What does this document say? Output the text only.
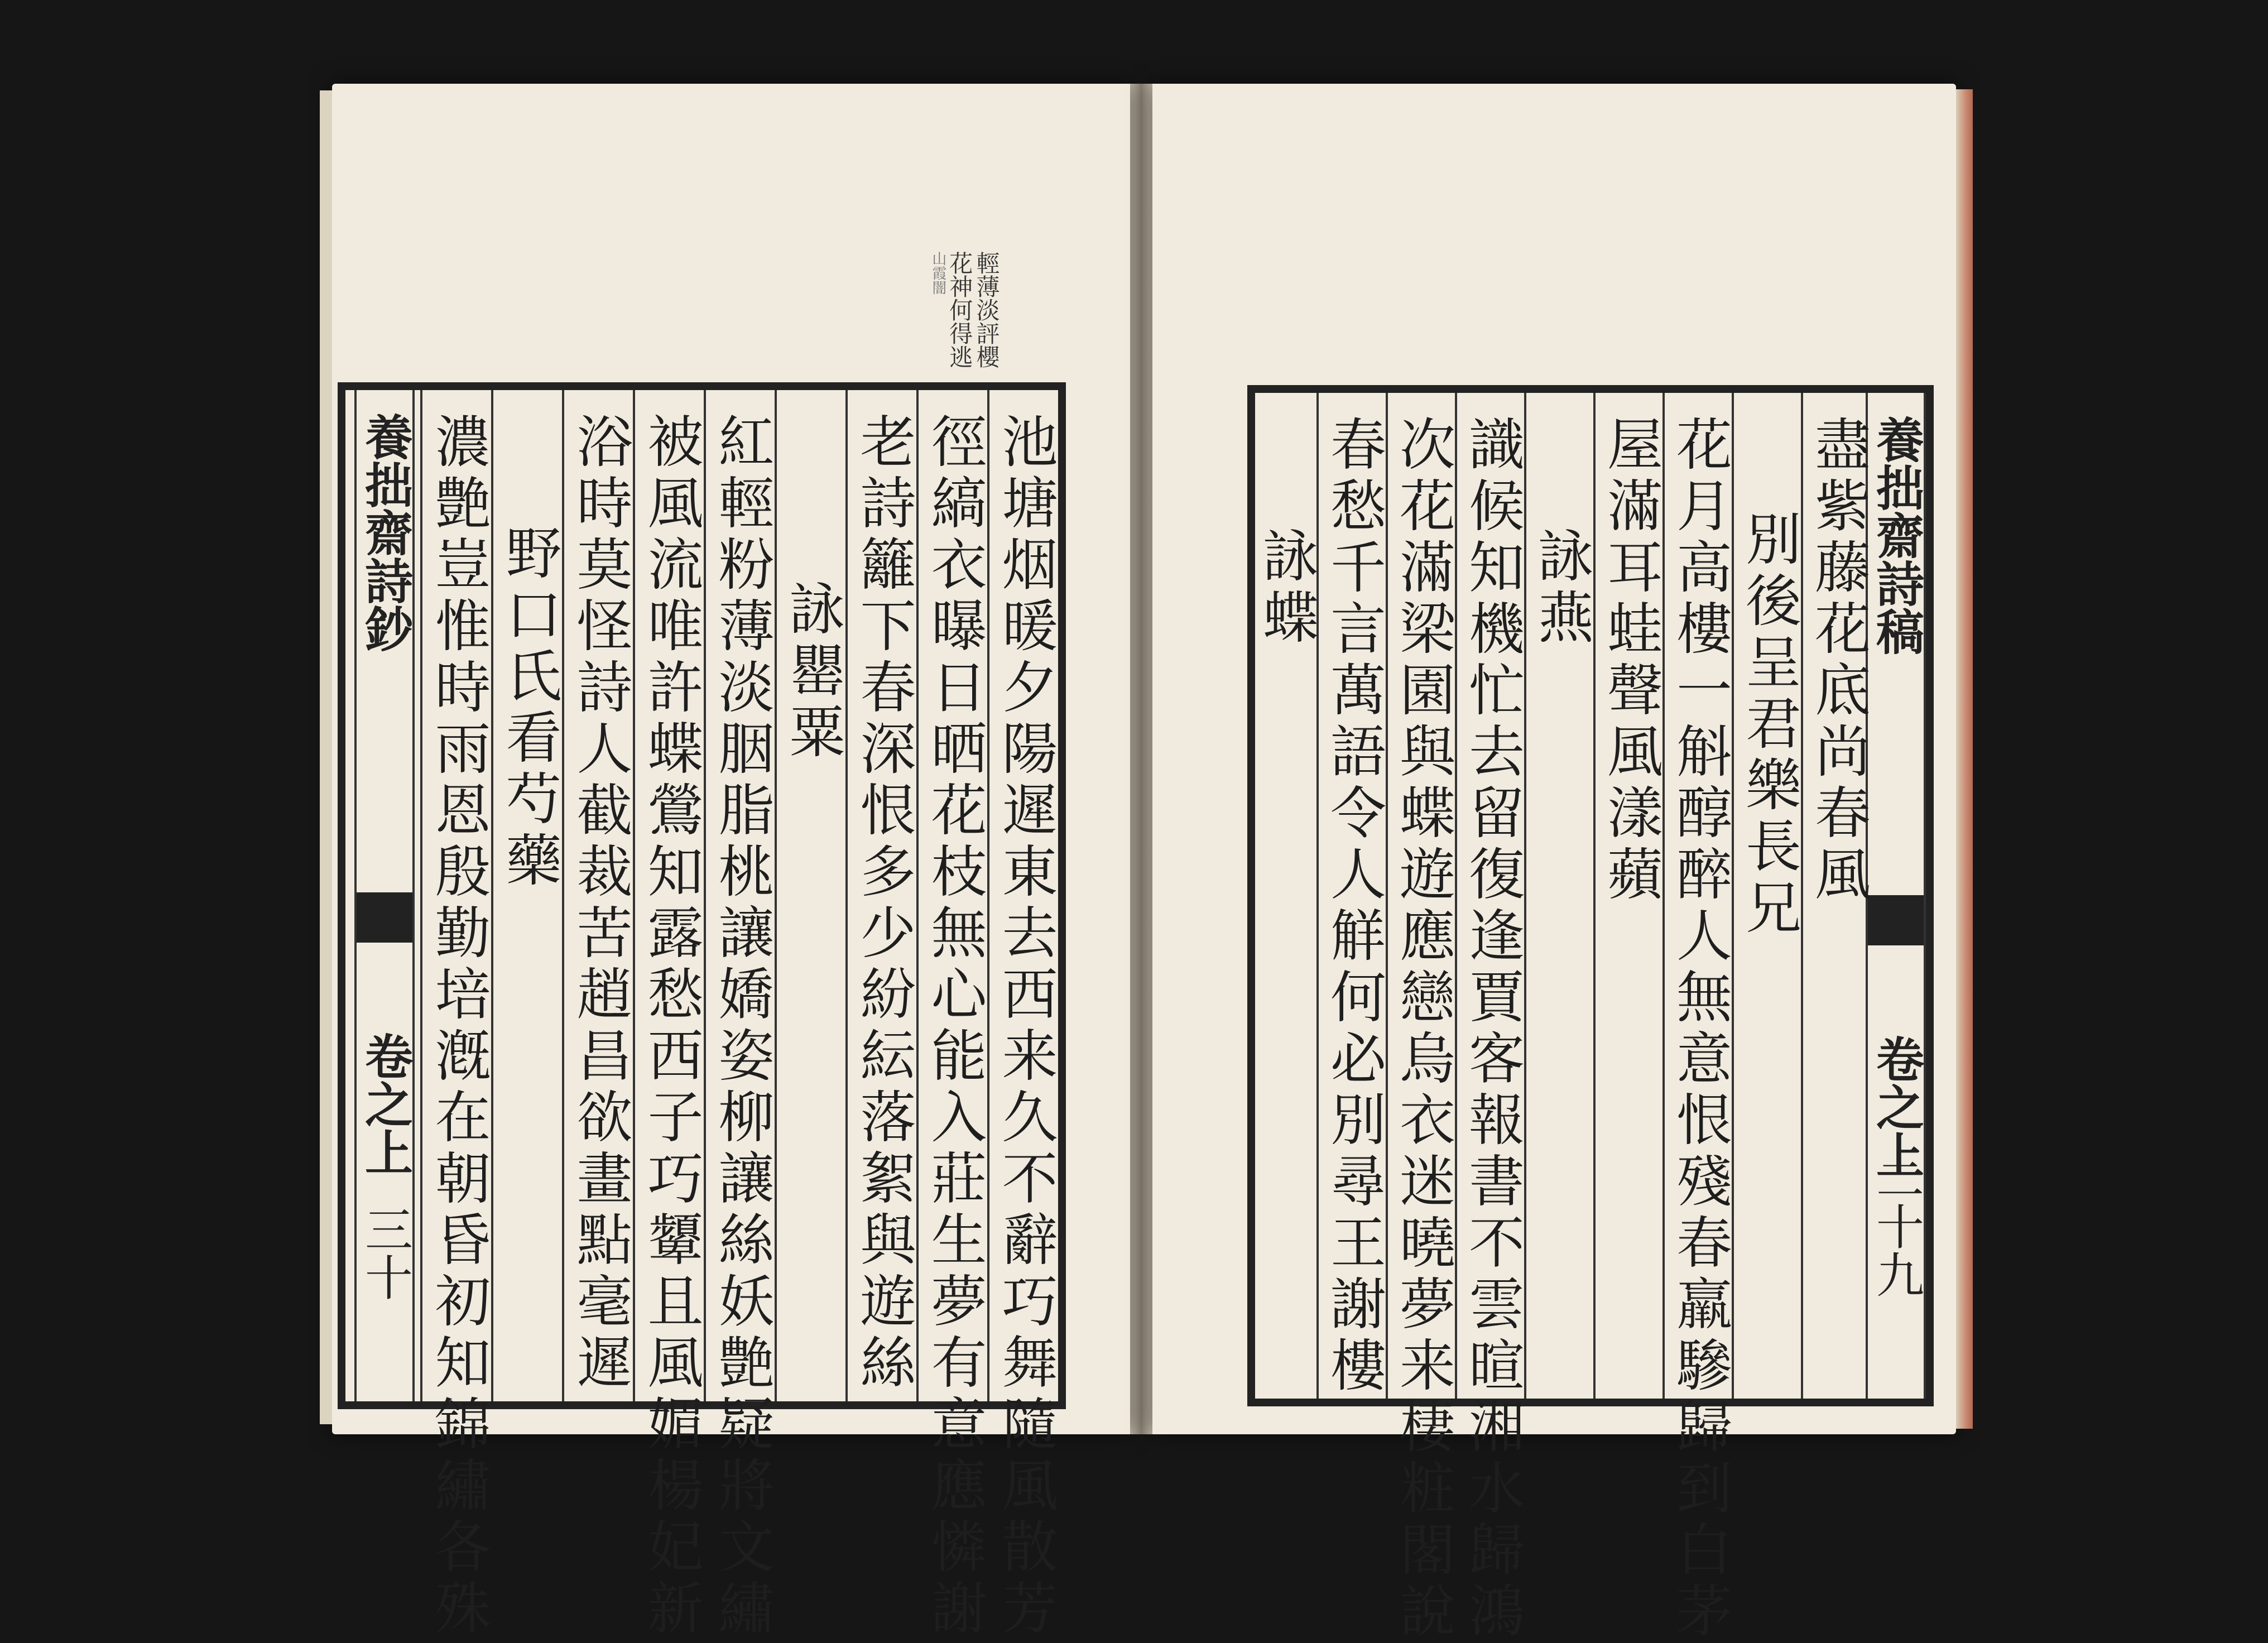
輕薄淡評櫻
花神何得逃
山霞闇
池塘烟暖夕陽遲東去西来久不辭巧舞隨風散芳
徑縞衣曝日晒花枝無心能入莊生夢有意應憐謝
老詩籬下春深恨多少紛紜落絮與遊絲
詠罌粟
紅輕粉薄淡胭脂桃讓嬌姿柳讓絲妖艶疑將文繡
被風流唯許蝶鶯知露愁西子巧顰且風媚楊妃新
浴時莫怪詩人截裁苦趙昌欲畫點毫遲
野口氏看芍藥
濃艶豈惟時雨恩殷勤培漑在朝昏初知錦繡各殊
養拙齋詩鈔
卷之上
三十
養拙齋詩稿
卷之上
二十九
盡紫藤花底尚春風
別後呈君樂長兄
花月高樓一斛醇醉人無意恨殘春羸驂歸到白茅
屋滿耳蛙聲風漾蘋
詠燕
識候知機忙去留復逢賈客報書不雲暄湘水歸鴻
次花滿梁園與蝶遊應戀烏衣迷曉夢来棲粧閣說
春愁千言萬語令人觧何必別尋王謝樓
詠蝶
